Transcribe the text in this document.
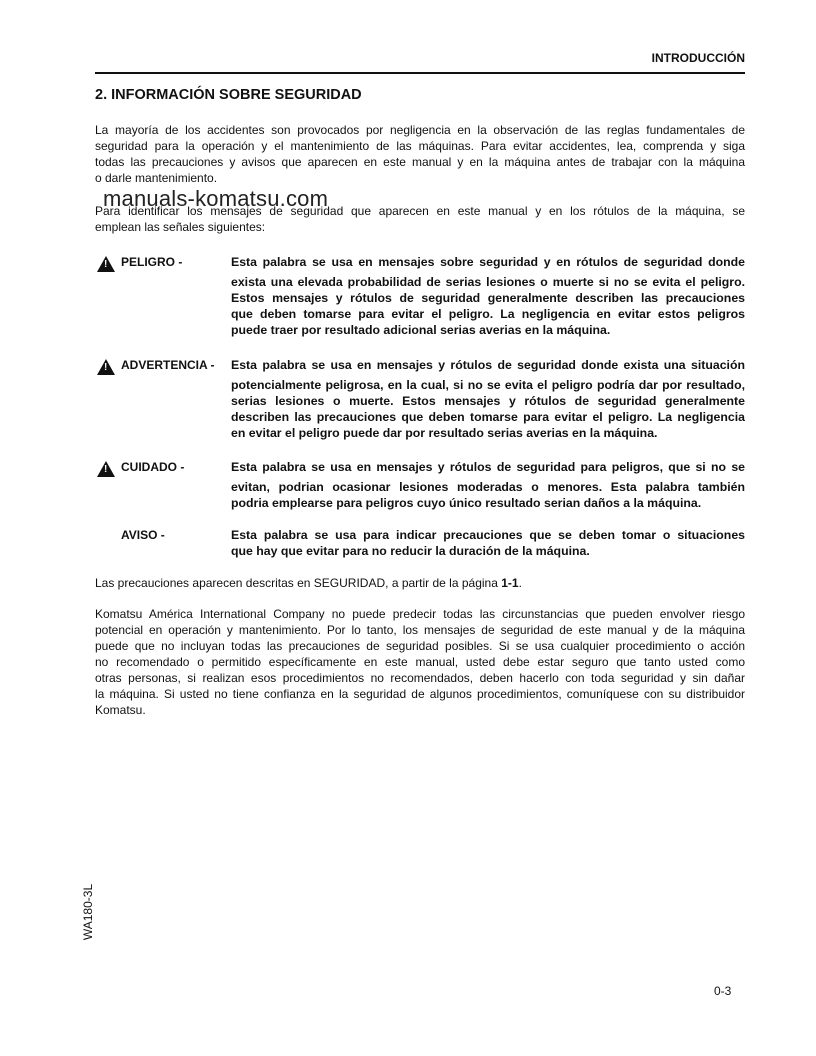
INTRODUCCIÓN
2. INFORMACIÓN SOBRE SEGURIDAD
La mayoría de los accidentes son provocados por negligencia en la observación de las reglas fundamentales de
seguridad para la operación y el mantenimiento de las máquinas. Para evitar accidentes, lea, comprenda y siga
todas las precauciones y avisos que aparecen en este manual y en la máquina antes de trabajar con la máquina
o darle mantenimiento.
Para identificar los mensajes de seguridad que aparecen en este manual y en los rótulos de la máquina, se
emplean las señales siguientes:
manuals-komatsu.com
!
PELIGRO -	Esta palabra se usa en mensajes sobre seguridad y en rótulos de seguridad donde
exista una elevada probabilidad de serias lesiones o muerte si no se evita el peligro.
Estos mensajes y rótulos de seguridad generalmente describen las precauciones
que deben tomarse para evitar el peligro. La negligencia en evitar estos peligros
puede traer por resultado adicional serias averias en la máquina.
!
ADVERTENCIA - Esta palabra se usa en mensajes y rótulos de seguridad donde exista una situación
potencialmente peligrosa, en la cual, si no se evita el peligro podría dar por resultado,
serias lesiones o muerte. Estos mensajes y rótulos de seguridad generalmente
describen las precauciones que deben tomarse para evitar el peligro. La negligencia
en evitar el peligro puede dar por resultado serias averias en la máquina.
!
CUIDADO -	Esta palabra se usa en mensajes y rótulos de seguridad para peligros, que si no se
evitan, podrian ocasionar lesiones moderadas o menores. Esta palabra también
podria emplearse para peligros cuyo único resultado serian daños a la máquina.
AVISO -	Esta palabra se usa para indicar precauciones que se deben tomar o situaciones
que hay que evitar para no reducir la duración de la máquina.
Las precauciones aparecen descritas en SEGURIDAD, a partir de la página 1-1.
Komatsu América International Company no puede predecir todas las circunstancias que pueden envolver riesgo
potencial en operación y mantenimiento. Por lo tanto, los mensajes de seguridad de este manual y de la máquina
puede que no incluyan todas las precauciones de seguridad posibles. Si se usa cualquier procedimiento o acción
no recomendado o permitido específicamente en este manual, usted debe estar seguro que tanto usted como
otras personas, si realizan esos procedimientos no recomendados, deben hacerlo con toda seguridad y sin dañar
la máquina. Si usted no tiene confianza en la seguridad de algunos procedimientos, comuníquese con su distribuidor
Komatsu.
WA180-3L
0-3
